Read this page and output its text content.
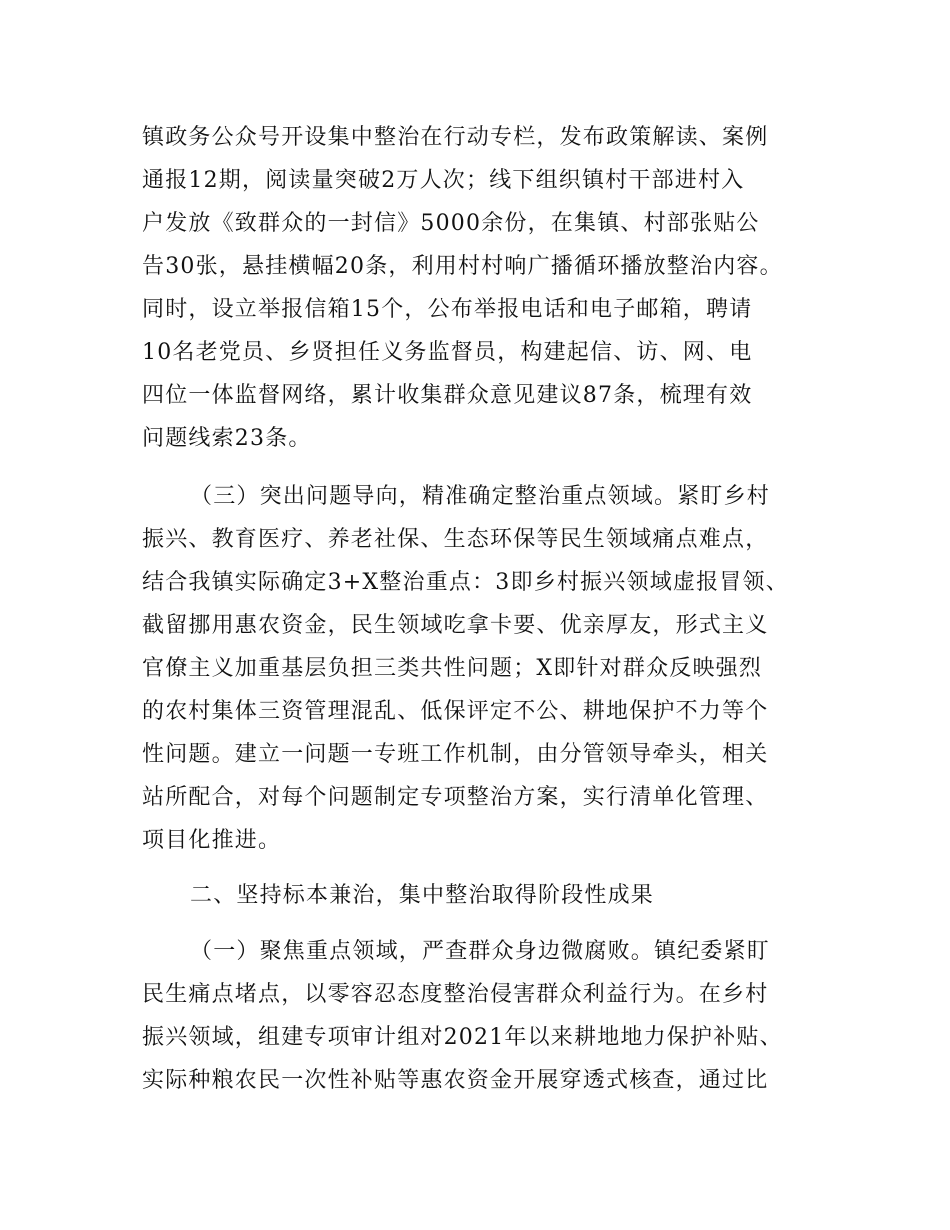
镇政务公众号开设集中整治在行动专栏，发布政策解读、案例
通报12期，阅读量突破2万人次；线下组织镇村干部进村入
户发放《致群众的一封信》5000余份，在集镇、村部张贴公
告30张，悬挂横幅20条，利用村村响广播循环播放整治内容。
同时，设立举报信箱15个，公布举报电话和电子邮箱，聘请
10名老党员、乡贤担任义务监督员，构建起信、访、网、电
四位一体监督网络，累计收集群众意见建议87条，梳理有效
问题线索23条。
（三）突出问题导向，精准确定整治重点领域。紧盯乡村
振兴、教育医疗、养老社保、生态环保等民生领域痛点难点，
结合我镇实际确定3+X整治重点：3即乡村振兴领域虚报冒领、
截留挪用惠农资金，民生领域吃拿卡要、优亲厚友，形式主义
官僚主义加重基层负担三类共性问题；X即针对群众反映强烈
的农村集体三资管理混乱、低保评定不公、耕地保护不力等个
性问题。建立一问题一专班工作机制，由分管领导牵头，相关
站所配合，对每个问题制定专项整治方案，实行清单化管理、
项目化推进。
二、坚持标本兼治，集中整治取得阶段性成果
（一）聚焦重点领域，严查群众身边微腐败。镇纪委紧盯
民生痛点堵点，以零容忍态度整治侵害群众利益行为。在乡村
振兴领域，组建专项审计组对2021年以来耕地地力保护补贴、
实际种粮农民一次性补贴等惠农资金开展穿透式核查，通过比
